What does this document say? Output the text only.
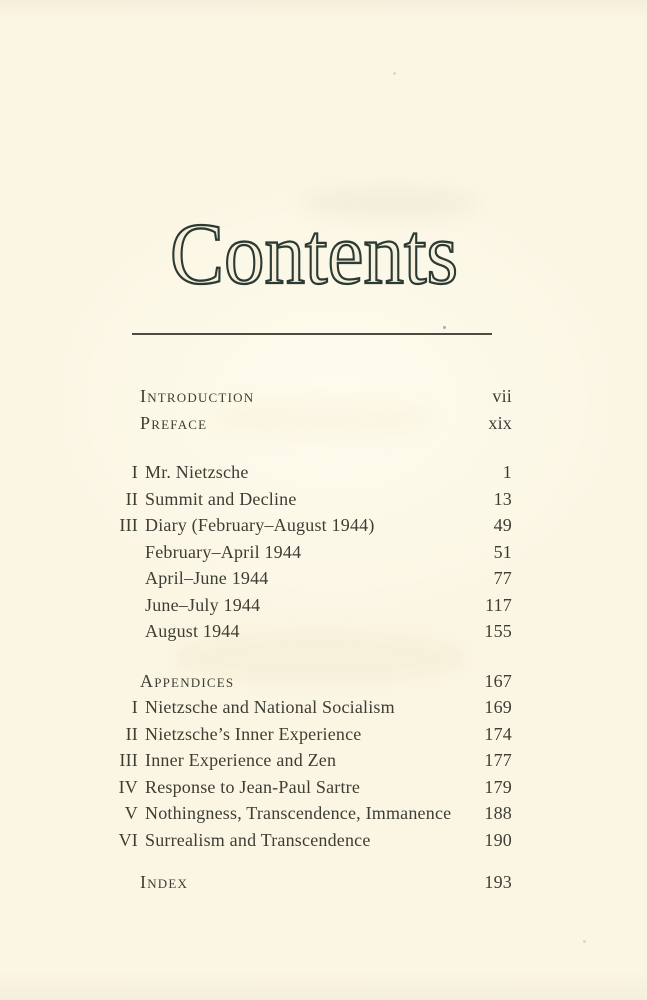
Contents
Introduction	vii
Preface	xix
I Mr. Nietzsche	1
II Summit and Decline	13
III Diary (February–August 1944)	49
February–April 1944	51
April–June 1944	77
June–July 1944	117
August 1944	155
Appendices	167
I Nietzsche and National Socialism	169
II Nietzsche’s Inner Experience	174
III Inner Experience and Zen	177
IV Response to Jean-Paul Sartre	179
V Nothingness, Transcendence, Immanence 188
VI Surrealism and Transcendence	190
Index	193
